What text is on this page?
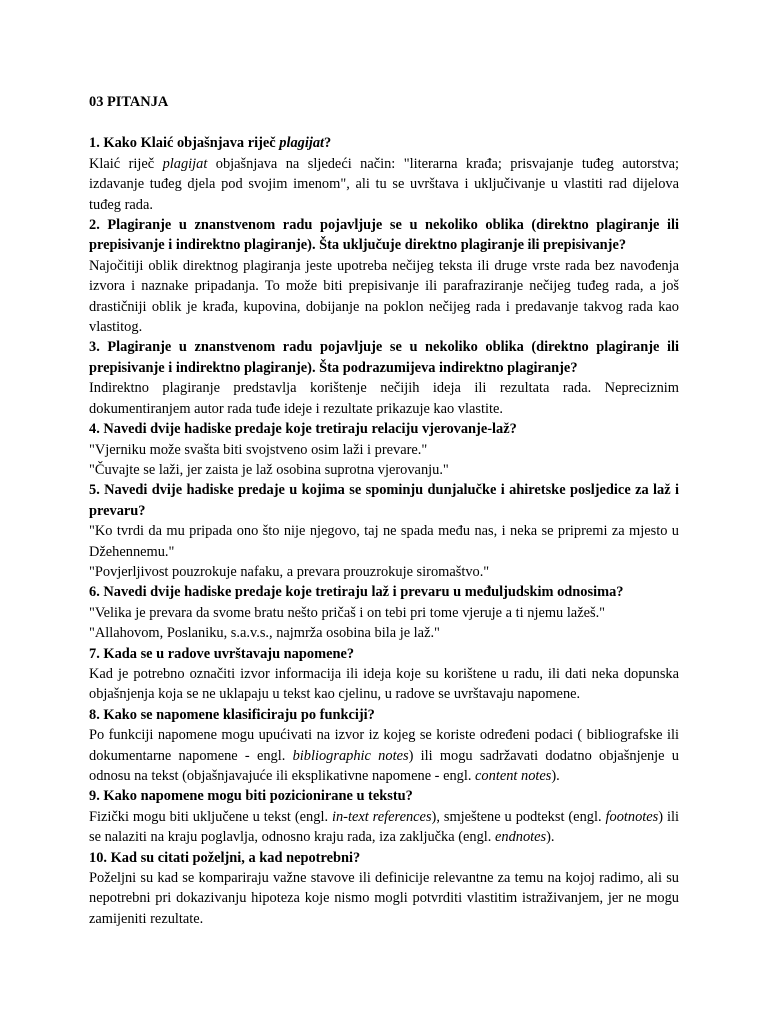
03 PITANJA

1. Kako Klaić objašnjava riječ plagijat?

Klaić riječ plagijat objašnjava na sljedeći način: "literarna krađa; prisvajanje tuđeg autorstva; izdavanje tuđeg djela pod svojim imenom", ali tu se uvrštava i uključivanje u vlastiti rad dijelova tuđeg rada.

2. Plagiranje u znanstvenom radu pojavljuje se u nekoliko oblika (direktno plagiranje ili prepisivanje i indirektno plagiranje). Šta uključuje direktno plagiranje ili prepisivanje?

Najočitiji oblik direktnog plagiranja jeste upotreba nečijeg teksta ili druge vrste rada bez navođenja izvora i naznake pripadanja. To može biti prepisivanje ili parafraziranje nečijeg tuđeg rada, a još drastičniji oblik je krađa, kupovina, dobijanje na poklon nečijeg rada i predavanje takvog rada kao vlastitog.

3. Plagiranje u znanstvenom radu pojavljuje se u nekoliko oblika (direktno plagiranje ili prepisivanje i indirektno plagiranje). Šta podrazumijeva indirektno plagiranje?

Indirektno plagiranje predstavlja korištenje nečijih ideja ili rezultata rada. Nepreciznim dokumentiranjem autor rada tuđe ideje i rezultate prikazuje kao vlastite.

4. Navedi dvije hadiske predaje koje tretiraju relaciju vjerovanje-laž?

"Vjerniku može svašta biti svojstveno osim laži i prevare."

"Čuvajte se laži, jer zaista je laž osobina suprotna vjerovanju."

5. Navedi dvije hadiske predaje u kojima se spominju dunjalučke i ahiretske posljedice za laž i prevaru?

"Ko tvrdi da mu pripada ono što nije njegovo, taj ne spada među nas, i neka se pripremi za mjesto u Džehennemu."

"Povjerljivost pouzrokuje nafaku, a prevara prouzrokuje siromaštvo."

6. Navedi dvije hadiske predaje koje tretiraju laž i prevaru u međuljudskim odnosima?

"Velika je prevara da svome bratu nešto pričaš i on tebi pri tome vjeruje a ti njemu lažeš."

"Allahovom, Poslaniku, s.a.v.s., najmrža osobina bila je laž."

7. Kada se u radove uvrštavaju napomene?

Kad je potrebno označiti izvor informacija ili ideja koje su korištene u radu, ili dati neka dopunska objašnjenja koja se ne uklapaju u tekst kao cjelinu, u radove se uvrštavaju napomene.

8. Kako se napomene klasificiraju po funkciji?

Po funkciji napomene mogu upućivati na izvor iz kojeg se koriste određeni podaci ( bibliografske ili dokumentarne napomene - engl. bibliographic notes) ili mogu sadržavati dodatno objašnjenje u odnosu na tekst (objašnjavajuće ili eksplikativne napomene - engl. content notes).

9. Kako napomene mogu biti pozicionirane u tekstu?

Fizički mogu biti uključene u tekst (engl. in-text references), smještene u podtekst (engl. footnotes) ili se nalaziti na kraju poglavlja, odnosno kraju rada, iza zaključka (engl. endnotes).

10. Kad su citati poželjni, a kad nepotrebni?

Poželjni su kad se kompariraju važne stavove ili definicije relevantne za temu na kojoj radimo, ali su nepotrebni pri dokazivanju hipoteza koje nismo mogli potvrditi vlastitim istraživanjem, jer ne mogu zamijeniti rezultate.
